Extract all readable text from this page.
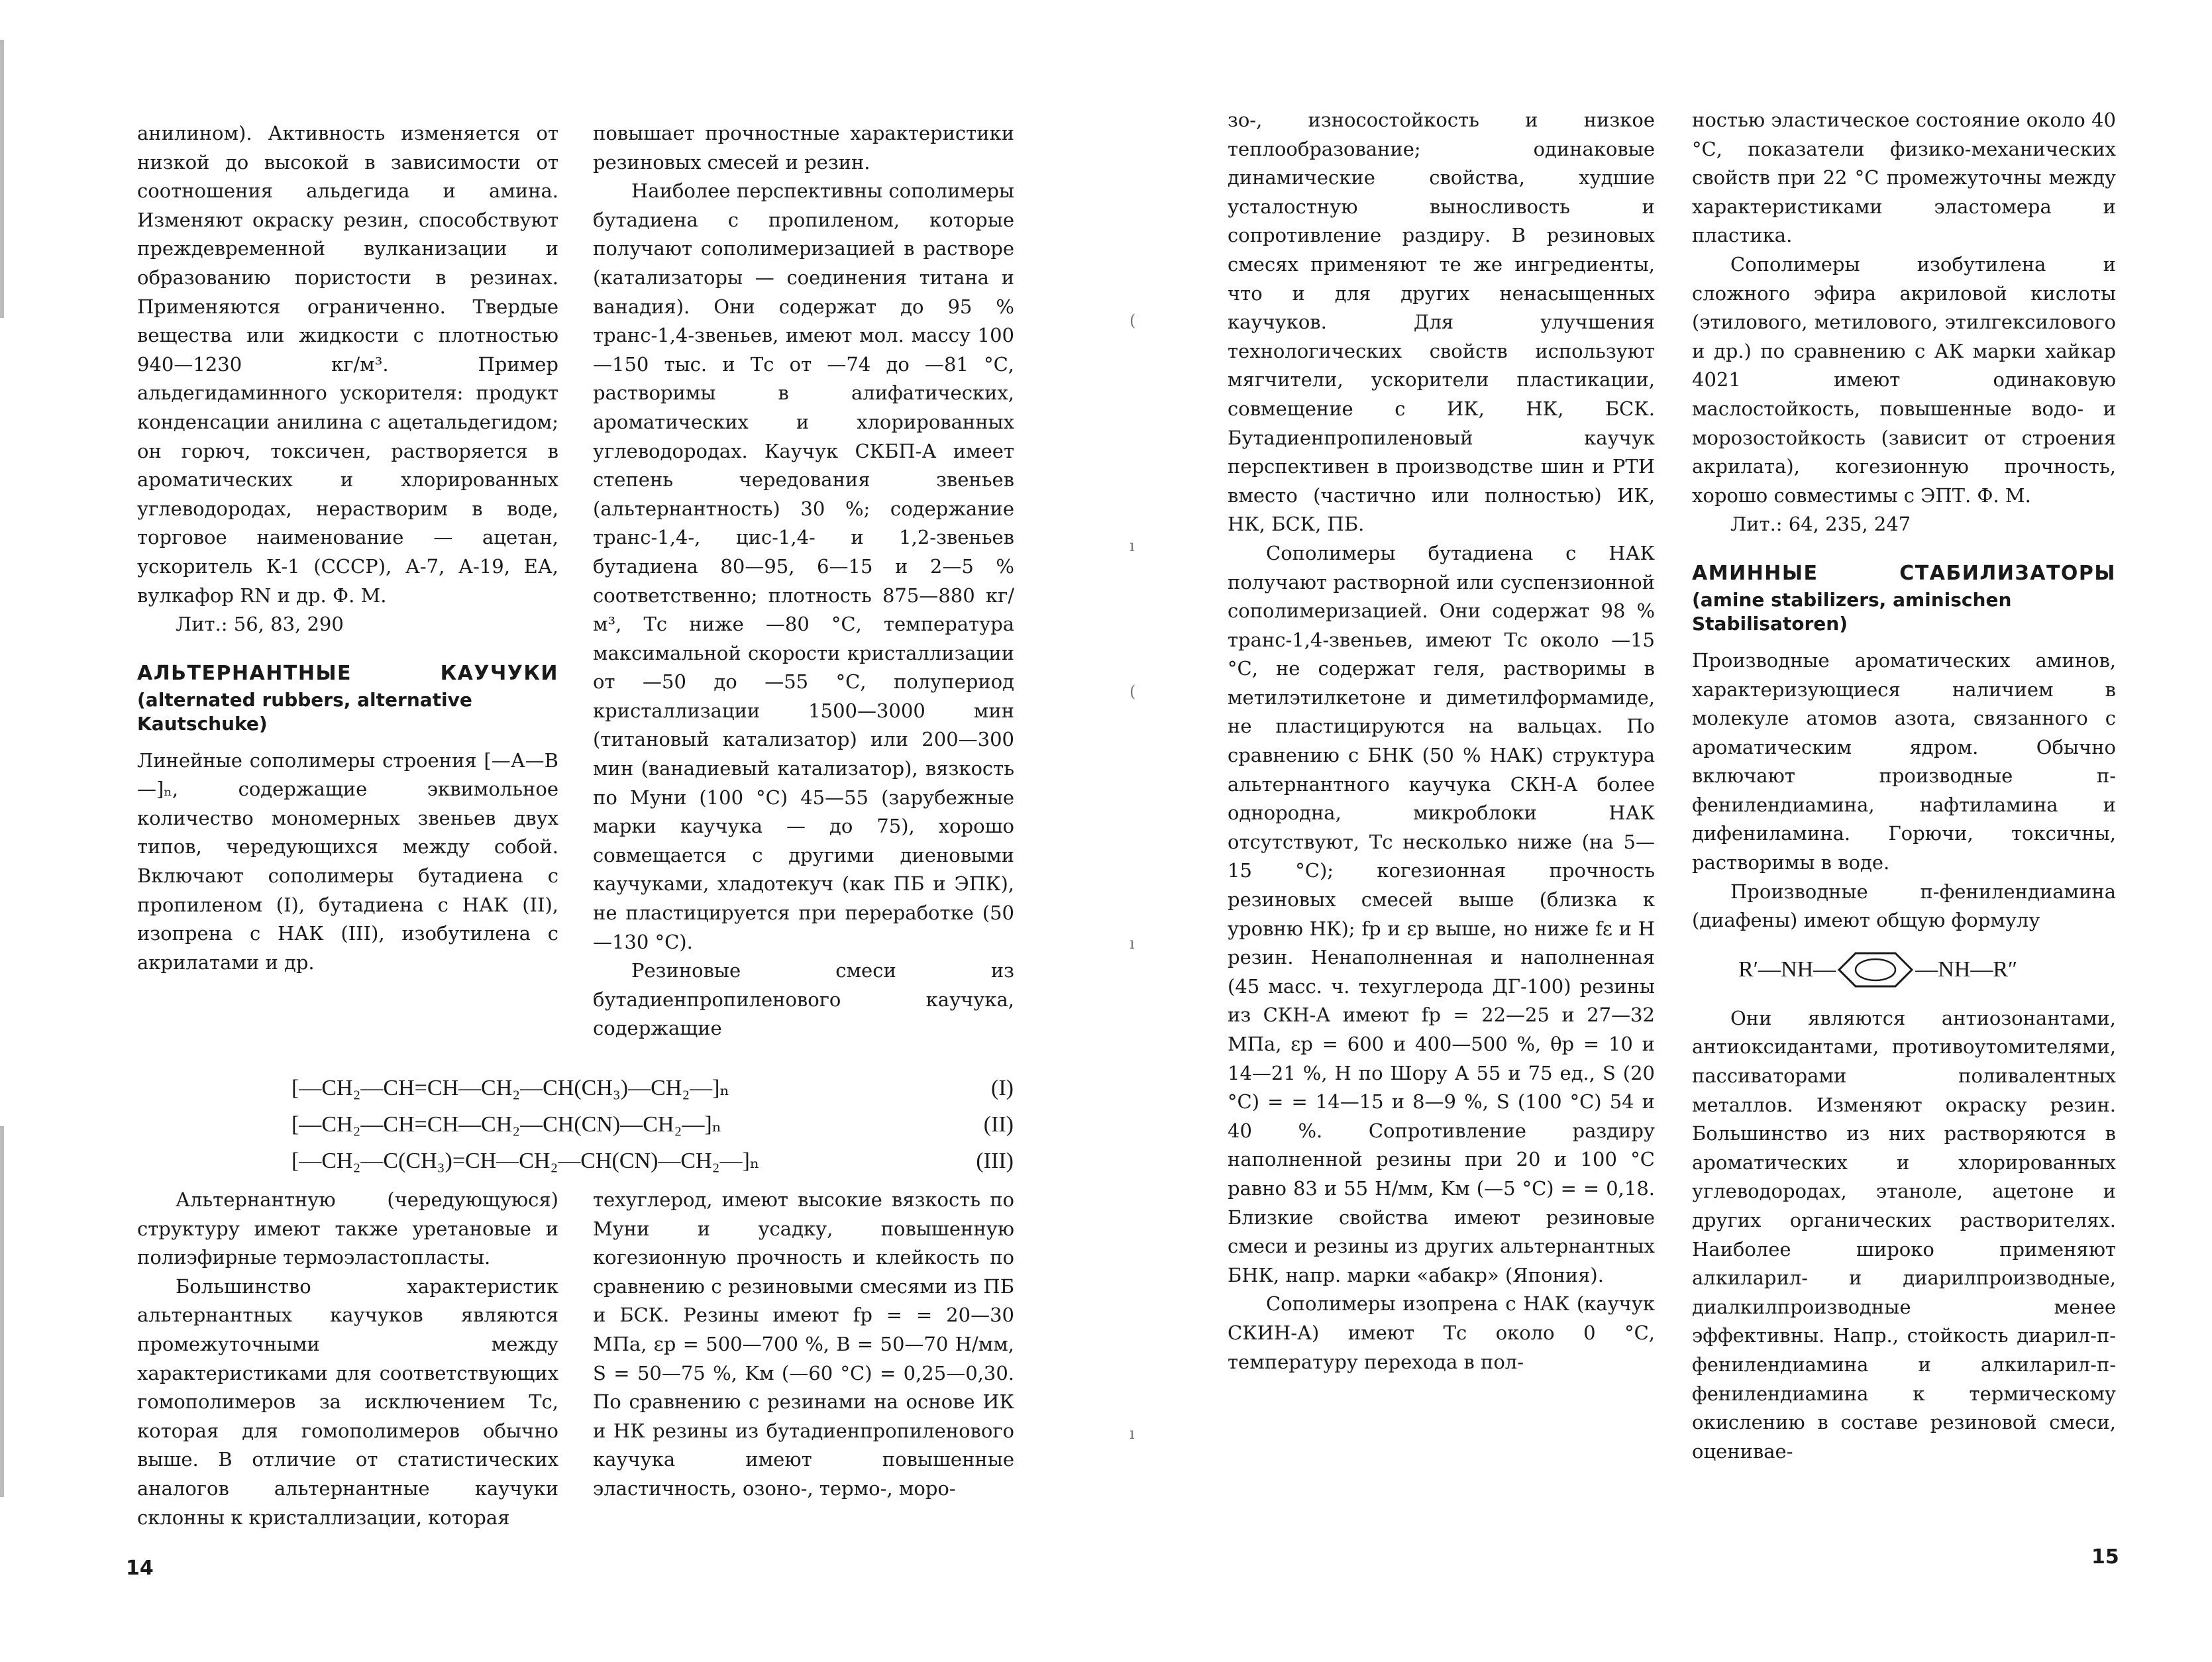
анилином). Активность изменяется от низкой до высокой в зависимости от соотношения альдегида и амина. Изменяют окраску резин, способствуют преждевременной вулканизации и образованию пористости в резинах. Применяются ограниченно. Твердые вещества или жидкости с плотностью 940—1230 кг/м³. Пример альдегидаминного ускорителя: продукт конденсации анилина с ацетальдегидом; он горюч, токсичен, растворяется в ароматических и хлорированных углеводородах, нерастворим в воде, торговое наименование — ацетан, ускоритель К-1 (СССР), А-7, А-19, ЕА, вулкафор RN и др. Ф. М.

Лит.: 56, 83, 290

АЛЬТЕРНАНТНЫЕ	КАУЧУКИ
(alternated rubbers, alternative Kautschuke)

Линейные сополимеры строения [—А—В—]ₙ, содержащие эквимольное количество мономерных звеньев двух типов, чередующихся между собой. Включают сополимеры бутадиена с пропиленом (I), бутадиена с НАК (II), изопрена с НАК (III), изобутилена с акрилатами и др.

[—CH₂—CH=CH—CH₂—CH(CH₃)—CH₂—]ₙ	(I)
[—CH₂—CH=CH—CH₂—CH(CN)—CH₂—]ₙ	(II)
[—CH₂—C(CH₃)=CH—CH₂—CH(CN)—CH₂—]ₙ	(III)

Альтернантную (чередующуюся) структуру имеют также уретановые и полиэфирные термоэластопласты.

Большинство характеристик альтернантных каучуков являются промежуточными между характеристиками для соответствующих гомополимеров за исключением Tс, которая для гомополимеров обычно выше. В отличие от статистических аналогов альтернантные каучуки склонны к кристаллизации, которая

повышает прочностные характеристики резиновых смесей и резин.

Наиболее перспективны сополимеры бутадиена с пропиленом, которые получают сополимеризацией в растворе (катализаторы — соединения титана и ванадия). Они содержат до 95 % транс-1,4-звеньев, имеют мол. массу 100—150 тыс. и Tс от —74 до —81 °С, растворимы в алифатических, ароматических и хлорированных углеводородах. Каучук СКБП-А имеет степень чередования звеньев (альтернантность) 30 %; содержание транс-1,4-, цис-1,4- и 1,2-звеньев бутадиена 80—95, 6—15 и 2—5 % соответственно; плотность 875—880 кг/м³, Tс ниже —80 °С, температура максимальной скорости кристаллизации от —50 до —55 °С, полупериод кристаллизации 1500—3000 мин (титановый катализатор) или 200—300 мин (ванадиевый катализатор), вязкость по Муни (100 °С) 45—55 (зарубежные марки каучука — до 75), хорошо совмещается с другими диеновыми каучуками, хладотекуч (как ПБ и ЭПК), не пластицируется при переработке (50—130 °С).

Резиновые смеси из бутадиенпропиленового каучука, содержащие

техуглерод, имеют высокие вязкость по Муни и усадку, повышенную когезионную прочность и клейкость по сравнению с резиновыми смесями из ПБ и БСК. Резины имеют fр = = 20—30 МПа, εр = 500—700 %, B = 50—70 Н/мм, S = 50—75 %, Kм (—60 °С) = 0,25—0,30. По сравнению с резинами на основе ИК и НК резины из бутадиенпропиленового каучука имеют повышенные эластичность, озоно-, термо-, моро-

14
(
ı
(
ı
ı

зо-, износостойкость и низкое теплообразование; одинаковые динамические свойства, худшие усталостную выносливость и сопротивление раздиру. В резиновых смесях применяют те же ингредиенты, что и для других ненасыщенных каучуков. Для улучшения технологических свойств используют мягчители, ускорители пластикации, совмещение с ИК, НК, БСК. Бутадиенпропиленовый каучук перспективен в производстве шин и РТИ вместо (частично или полностью) ИК, НК, БСК, ПБ.

Сополимеры бутадиена с НАК получают растворной или суспензионной сополимеризацией. Они содержат 98 % транс-1,4-звеньев, имеют Tс около —15 °С, не содержат геля, растворимы в метилэтилкетоне и диметилформамиде, не пластицируются на вальцах. По сравнению с БНК (50 % НАК) структура альтернантного каучука СКН-А более однородна, микроблоки НАК отсутствуют, Tс несколько ниже (на 5—15 °С); когезионная прочность резиновых смесей выше (близка к уровню НК); fр и εр выше, но ниже fε и H резин. Ненаполненная и наполненная (45 масс. ч. техуглерода ДГ-100) резины из СКН-А имеют fр = 22—25 и 27—32 МПа, εр = 600 и 400—500 %, θр = 10 и 14—21 %, H по Шору А 55 и 75 ед., S (20 °С) = = 14—15 и 8—9 %, S (100 °С) 54 и 40 %. Сопротивление раздиру наполненной резины при 20 и 100 °С равно 83 и 55 Н/мм, Kм (—5 °С) = = 0,18. Близкие свойства имеют резиновые смеси и резины из других альтернантных БНК, напр. марки «абакр» (Япония).

Сополимеры изопрена с НАК (каучук СКИН-А) имеют Tс около 0 °С, температуру перехода в пол-

ностью эластическое состояние около 40 °С, показатели физико-механических свойств при 22 °С промежуточны между характеристиками эластомера и пластика.

Сополимеры изобутилена и сложного эфира акриловой кислоты (этилового, метилового, этилгексилового и др.) по сравнению с АК марки хайкар 4021 имеют одинаковую маслостойкость, повышенные водо- и морозостойкость (зависит от строения акрилата), когезионную прочность, хорошо совместимы с ЭПТ. Ф. М.

Лит.: 64, 235, 247

АМИННЫЕ	СТАБИЛИЗАТОРЫ
(amine stabilizers, aminischen Stabilisatoren)

Производные ароматических аминов, характеризующиеся наличием в молекуле атомов азота, связанного с ароматическим ядром. Обычно включают производные п-фенилендиамина, нафтиламина и дифениламина. Горючи, токсичны, растворимы в воде.

Производные п-фенилендиамина (диафены) имеют общую формулу

R′—NH—	—NH—R″

Они являются антиозонантами, антиоксидантами, противоутомителями, пассиваторами поливалентных металлов. Изменяют окраску резин. Большинство из них растворяются в ароматических и хлорированных углеводородах, этаноле, ацетоне и других органических растворителях. Наиболее широко применяют алкиларил- и диарилпроизводные, диалкилпроизводные менее эффективны. Напр., стойкость диарил-п-фенилендиамина и алкиларил-п-фенилендиамина к термическому окислению в составе резиновой смеси, оценивае-

15
